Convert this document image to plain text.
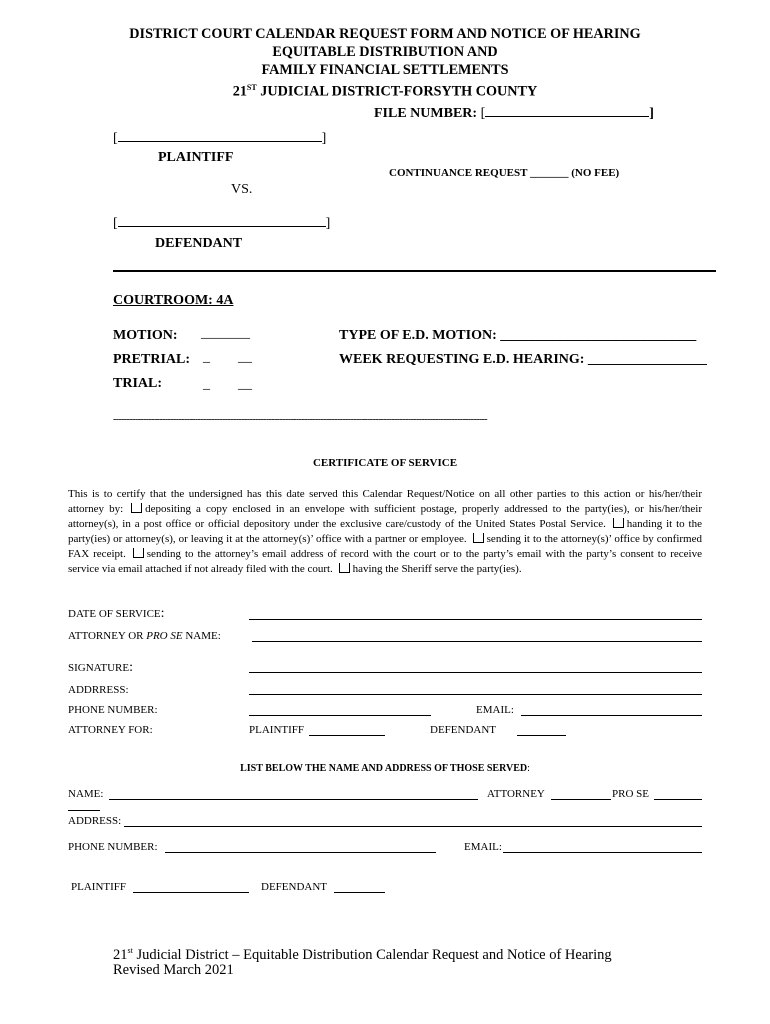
DISTRICT COURT CALENDAR REQUEST FORM AND NOTICE OF HEARING
EQUITABLE DISTRIBUTION AND
FAMILY FINANCIAL SETTLEMENTS
21ST JUDICIAL DISTRICT-FORSYTH COUNTY
FILE NUMBER: [	]
[	]
PLAINTIFF
CONTINUANCE REQUEST _______ (NO FEE)
VS.
[	]
DEFENDANT
COURTROOM: 4A
MOTION: _______
PRETRIAL: _ __
TRIAL:	_ __
TYPE OF E.D. MOTION: ____________________________
WEEK REQUESTING E.D. HEARING: _________________
-----------------------------------------------------------------------------------------------------------------------------------------
CERTIFICATE OF SERVICE
This is to certify that the undersigned has this date served this Calendar Request/Notice on all other parties to this action or his/her/their attorney by: depositing a copy enclosed in an envelope with sufficient postage, properly addressed to the party(ies), or his/her/their attorney(s), in a post office or official depository under the exclusive care/custody of the United States Postal Service. handing it to the party(ies) or attorney(s), or leaving it at the attorney(s)’ office with a partner or employee. sending it to the attorney(s)’ office by confirmed FAX receipt. sending to the attorney’s email address of record with the court or to the party’s email with the party’s consent to receive service via email attached if not already filed with the court. having the Sheriff serve the party(ies).
DATE OF SERVICE:
ATTORNEY OR PRO SE NAME:
SIGNATURE:
ADDRRESS:
PHONE NUMBER:	EMAIL:
ATTORNEY FOR:	PLAINTIFF	DEFENDANT
LIST BELOW THE NAME AND ADDRESS OF THOSE SERVED:
NAME:	ATTORNEY	PRO SE
ADDRESS:
PHONE NUMBER:	EMAIL:
PLAINTIFF	DEFENDANT
21st Judicial District – Equitable Distribution Calendar Request and Notice of Hearing
Revised March 2021
